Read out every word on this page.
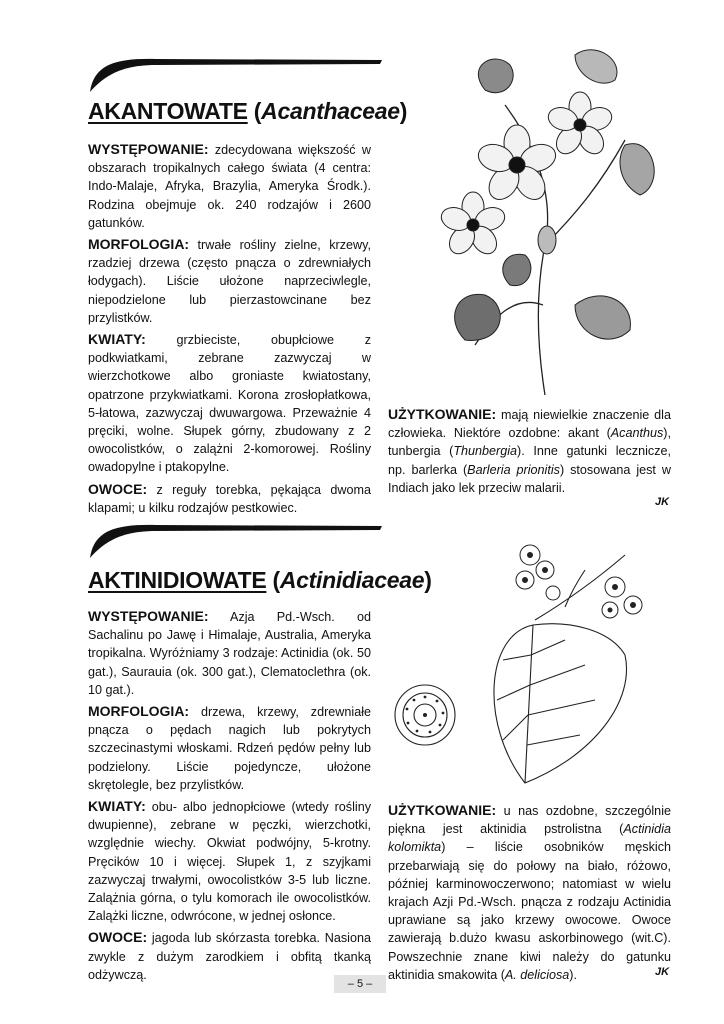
AKANTOWATE (Acanthaceae)

WYSTĘPOWANIE: zdecydowana większość w obszarach tropikalnych całego świata (4 centra: Indo-Malaje, Afryka, Brazylia, Ameryka Środk.). Rodzina obejmuje ok. 240 rodzajów i 2600 gatunków.

MORFOLOGIA: trwałe rośliny zielne, krzewy, rzadziej drzewa (często pnącza o zdrewniałych łodygach). Liście ułożone naprzeciwlegle, niepodzielone lub pierzastowcinane bez przylistków.

KWIATY: grzbieciste, obupłciowe z podkwiatkami, zebrane zazwyczaj w wierzchotkowe albo groniaste kwiatostany, opatrzone przykwiatkami. Korona zrosłopłatkowa, 5-łatowa, zazwyczaj dwuwargowa. Przeważnie 4 pręciki, wolne. Słupek górny, zbudowany z 2 owocolistków, o zalążni 2-komorowej. Rośliny owadopylne i ptakopylne.

OWOCE: z reguły torebka, pękająca dwoma klapami; u kilku rodzajów pestkowiec.

UŻYTKOWANIE: mają niewielkie znaczenie dla człowieka. Niektóre ozdobne: akant (Acanthus), tunbergia (Thunbergia). Inne gatunki lecznicze, np. barlerka (Barleria prionitis) stosowana jest w Indiach jako lek przeciw malarii.

JK
AKTINIDIOWATE (Actinidiaceae)

WYSTĘPOWANIE: Azja Pd.-Wsch. od Sachalinu po Jawę i Himalaje, Australia, Ameryka tropikalna. Wyróżniamy 3 rodzaje: Actinidia (ok. 50 gat.), Saurauia (ok. 300 gat.), Clematoclethra (ok. 10 gat.).

MORFOLOGIA: drzewa, krzewy, zdrewniałe pnącza o pędach nagich lub pokrytych szczecinastymi włoskami. Rdzeń pędów pełny lub podzielony. Liście pojedyncze, ułożone skrętolegle, bez przylistków.

KWIATY: obu- albo jednopłciowe (wtedy rośliny dwupienne), zebrane w pęczki, wierzchotki, względnie wiechy. Okwiat podwójny, 5-krotny. Pręcików 10 i więcej. Słupek 1, z szyjkami zazwyczaj trwałymi, owocolistków 3-5 lub liczne. Zalążnia górna, o tylu komorach ile owocolistków. Zalążki liczne, odwrócone, w jednej osłonce.

OWOCE: jagoda lub skórzasta torebka. Nasiona zwykle z dużym zarodkiem i obfitą tkanką odżywczą.

UŻYTKOWANIE: u nas ozdobne, szczególnie piękna jest aktinidia pstrolistna (Actinidia kolomikta) – liście osobników męskich przebarwiają się do połowy na biało, różowo, później karminowoczerwono; natomiast w wielu krajach Azji Pd.-Wsch. pnącza z rodzaju Actinidia uprawiane są jako krzewy owocowe. Owoce zawierają b.dużo kwasu askorbinowego (wit.C). Powszechnie znane kiwi należy do gatunku aktinidia smakowita (A. deliciosa).	JK
– 5 –
